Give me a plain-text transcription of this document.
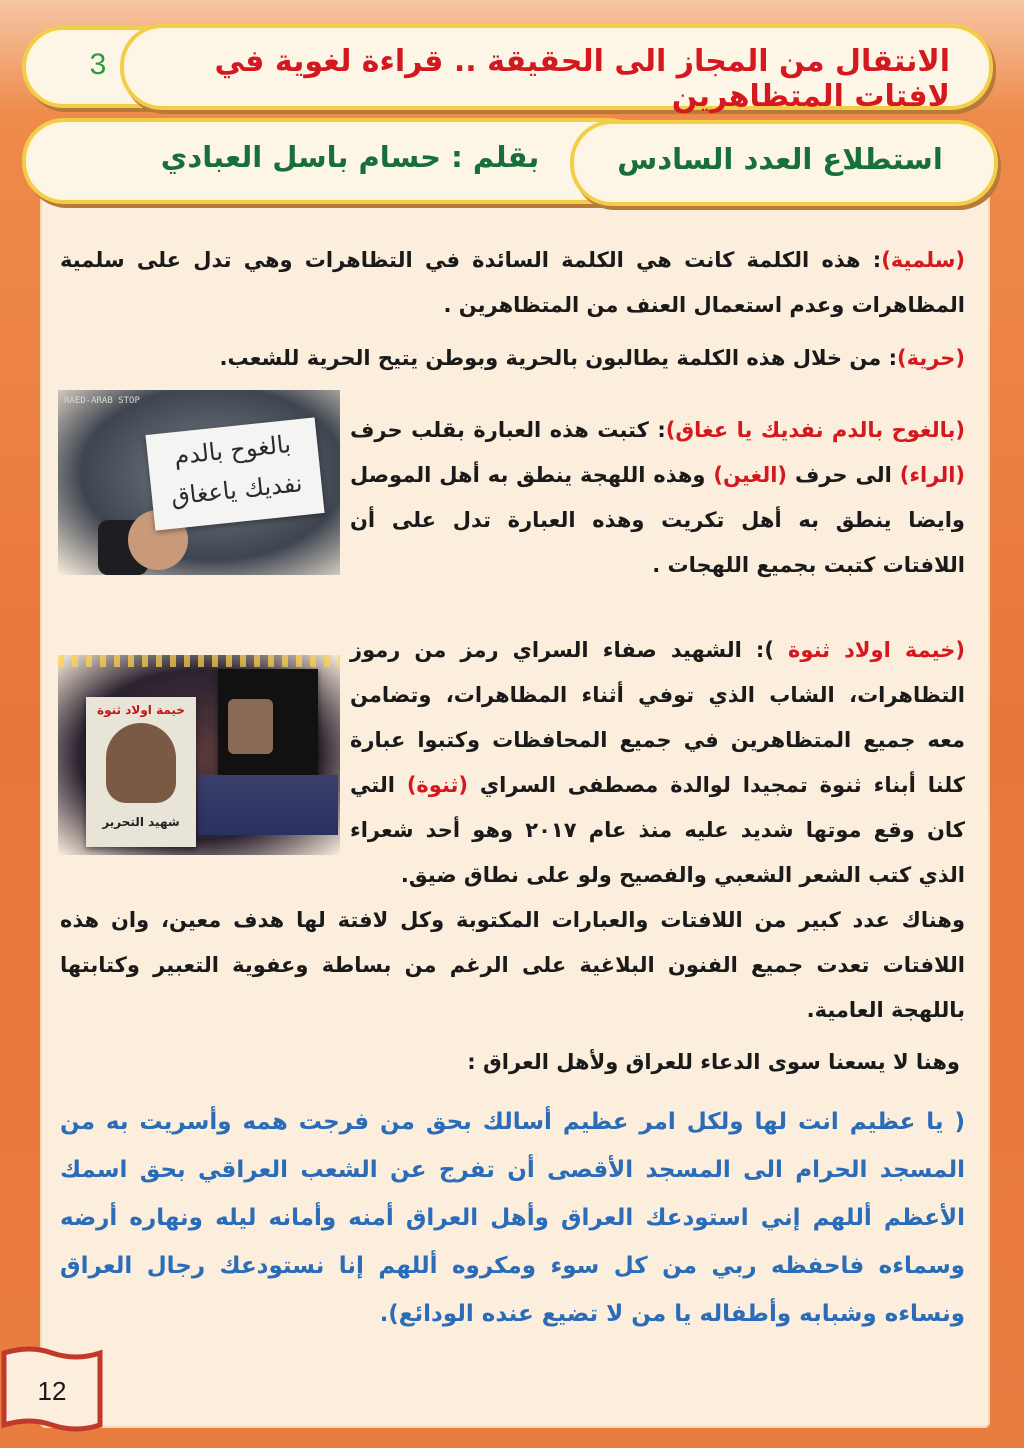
3	الانتقال من المجاز الى الحقيقة .. قراءة لغوية في لافتات المتظاهرين
بقلم : حسام باسل العبادي	استطلاع العدد السادس
(سلمية): هذه الكلمة كانت هي الكلمة السائدة في التظاهرات وهي تدل على سلمية المظاهرات وعدم استعمال العنف من المتظاهرين .
(حرية): من خلال هذه الكلمة يطالبون بالحرية وبوطن يتيح الحرية للشعب.
RAED-ARAB STOP
بالغوح بالدم
نفديك ياعغاق
(بالغوح بالدم نفديك يا عغاق): كتبت هذه العبارة بقلب حرف (الراء) الى حرف (الغين) وهذه اللهجة ينطق به أهل الموصل وايضا ينطق به أهل تكريت وهذه العبارة تدل على أن اللافتات كتبت بجميع اللهجات .
خيمة اولاد ثنوة
شهيد التحرير
(خيمة اولاد ثنوة ): الشهيد صفاء السراي رمز من رموز التظاهرات، الشاب الذي توفي أثناء المظاهرات، وتضامن معه جميع المتظاهرين في جميع المحافظات وكتبوا عبارة كلنا أبناء ثنوة تمجيدا لوالدة مصطفى السراي (ثنوة) التي كان وقع موتها شديد عليه منذ عام ٢٠١٧ وهو أحد شعراء الذي كتب الشعر الشعبي والفصيح ولو على نطاق ضيق.
وهناك عدد كبير من اللافتات والعبارات المكتوبة وكل لافتة لها هدف معين، وان هذه اللافتات تعدت جميع الفنون البلاغية على الرغم من بساطة وعفوية التعبير وكتابتها باللهجة العامية.
وهنا لا يسعنا سوى الدعاء للعراق ولأهل العراق :
( يا عظيم انت لها ولكل امر عظيم أسالك بحق من فرجت همه وأسريت به من المسجد الحرام الى المسجد الأقصى أن تفرج عن الشعب العراقي بحق اسمك الأعظم أللهم إني استودعك العراق وأهل العراق أمنه وأمانه ليله ونهاره أرضه وسماءه فاحفظه ربي من كل سوء ومكروه أللهم إنا نستودعك رجال العراق ونساءه وشبابه وأطفاله يا من لا تضيع عنده الودائع).
12
